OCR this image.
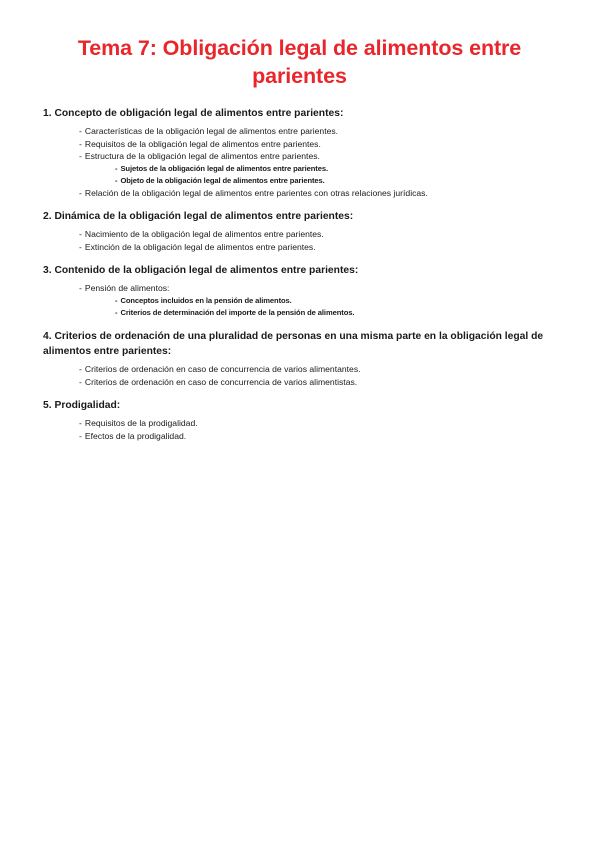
Tema 7: Obligación legal de alimentos entre parientes
1. Concepto de obligación legal de alimentos entre parientes:
- Características de la obligación legal de alimentos entre parientes.
- Requisitos de la obligación legal de alimentos entre parientes.
- Estructura de la obligación legal de alimentos entre parientes.
- Sujetos de la obligación legal de alimentos entre parientes.
- Objeto de la obligación legal de alimentos entre parientes.
- Relación de la obligación legal de alimentos entre parientes con otras relaciones jurídicas.
2. Dinámica de la obligación legal de alimentos entre parientes:
- Nacimiento de la obligación legal de alimentos entre parientes.
- Extinción de la obligación legal de alimentos entre parientes.
3. Contenido de la obligación legal de alimentos entre parientes:
- Pensión de alimentos:
- Conceptos incluidos en la pensión de alimentos.
- Criterios de determinación del importe de la pensión de alimentos.
4. Criterios de ordenación de una pluralidad de personas en una misma parte en la obligación legal de alimentos entre parientes:
- Criterios de ordenación en caso de concurrencia de varios alimentantes.
- Criterios de ordenación en caso de concurrencia de varios alimentistas.
5. Prodigalidad:
- Requisitos de la prodigalidad.
- Efectos de la prodigalidad.
